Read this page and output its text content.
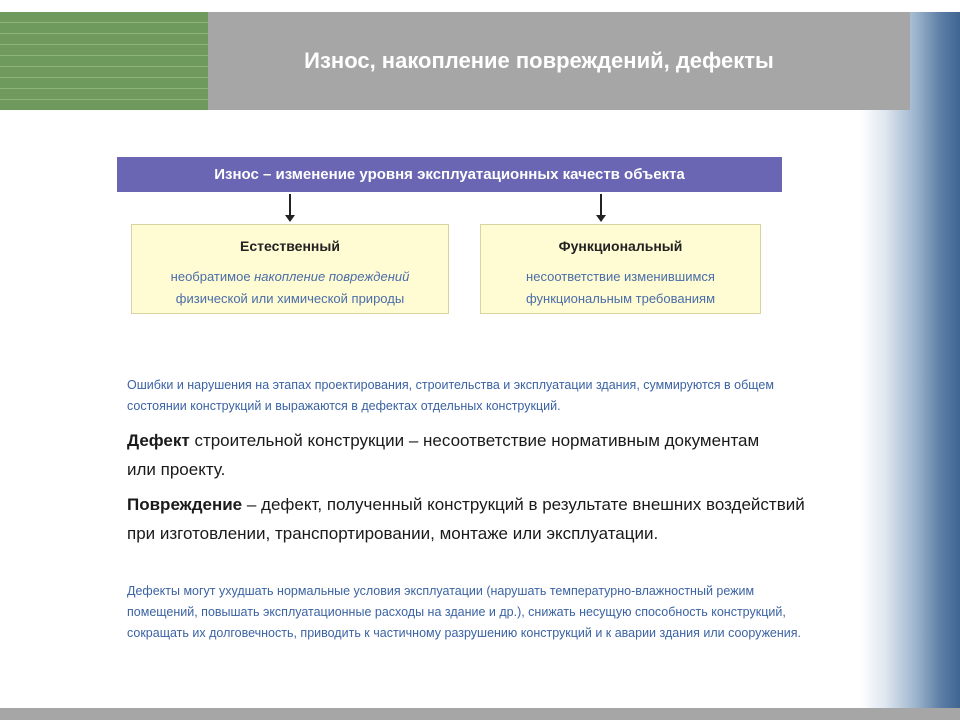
Износ, накопление повреждений, дефекты
Износ – изменение уровня эксплуатационных качеств объекта
Естественный
необратимое накопление повреждений
физической или химической природы
Функциональный
несоответствие изменившимся
функциональным требованиям
Ошибки и нарушения на этапах проектирования, строительства и эксплуатации здания, суммируются в общем состоянии конструкций и выражаются в дефектах отдельных конструкций.
Дефект строительной конструкции – несоответствие нормативным документам или проекту.
Повреждение – дефект, полученный конструкций в результате внешних воздействий при изготовлении, транспортировании, монтаже или эксплуатации.
Дефекты могут ухудшать нормальные условия эксплуатации (нарушать температурно-влажностный режим помещений, повышать эксплуатационные расходы на здание и др.), снижать несущую способность конструкций, сокращать их долговечность, приводить к частичному разрушению конструкций и к аварии здания или сооружения.
